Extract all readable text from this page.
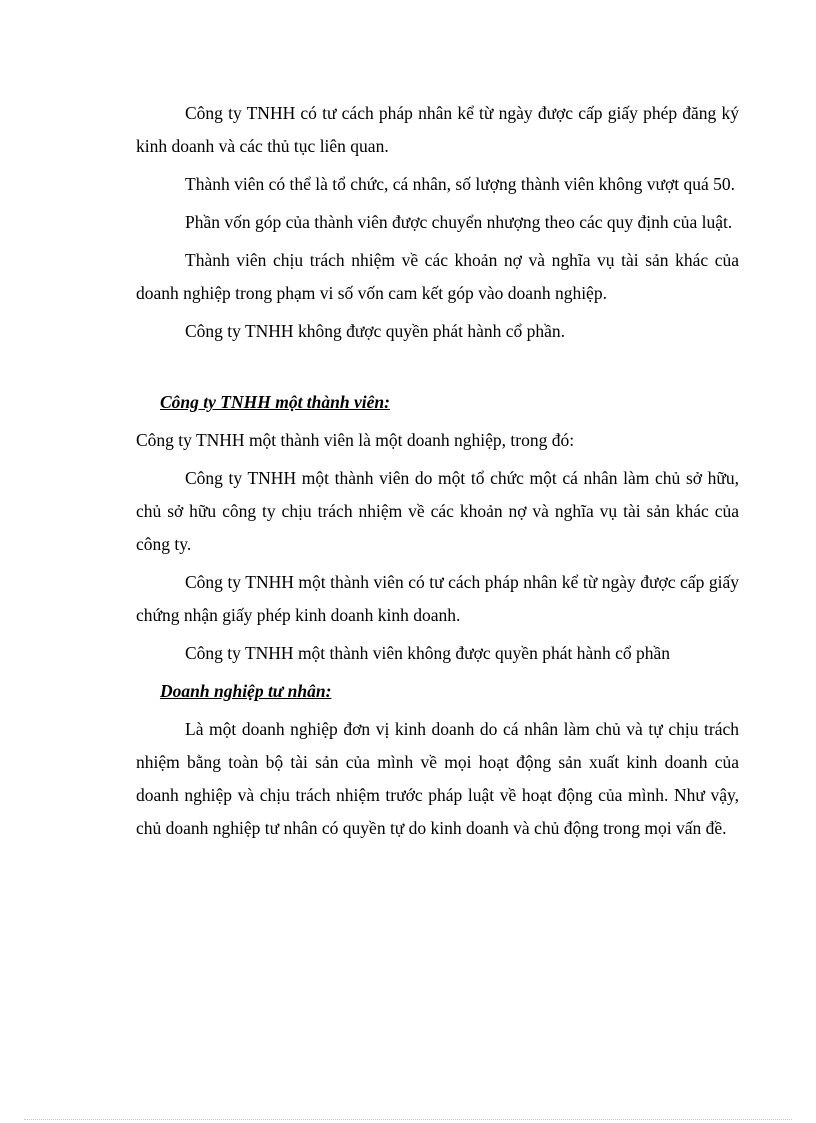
Công ty TNHH có tư cách pháp nhân kể từ ngày được cấp giấy phép đăng ký kinh doanh và các thủ tục liên quan.

Thành viên có thể là tổ chức, cá nhân, số lượng thành viên không vượt quá 50.

Phần vốn góp của thành viên được chuyển nhượng theo các quy định của luật.

Thành viên chịu trách nhiệm về các khoản nợ và nghĩa vụ tài sản khác của doanh nghiệp trong phạm vi số vốn cam kết góp vào doanh nghiệp.

Công ty TNHH không được quyền phát hành cổ phần.

Công ty TNHH một thành viên:

Công ty TNHH một thành viên là một doanh nghiệp, trong đó:

Công ty TNHH một thành viên do một tổ chức một cá nhân làm chủ sở hữu, chủ sở hữu công ty chịu trách nhiệm về các khoản nợ và nghĩa vụ tài sản khác của công ty.

Công ty TNHH một thành viên có tư cách pháp nhân kể từ ngày được cấp giấy chứng nhận giấy phép kinh doanh kinh doanh.

Công ty TNHH một thành viên không được quyền phát hành cổ phần

Doanh nghiệp tư nhân:

Là một doanh nghiệp đơn vị kinh doanh do cá nhân làm chủ và tự chịu trách nhiệm bằng toàn bộ tài sản của mình về mọi hoạt động sản xuất kinh doanh của doanh nghiệp và chịu trách nhiệm trước pháp luật về hoạt động của mình. Như vậy, chủ doanh nghiệp tư nhân có quyền tự do kinh doanh và chủ động trong mọi vấn đề.
